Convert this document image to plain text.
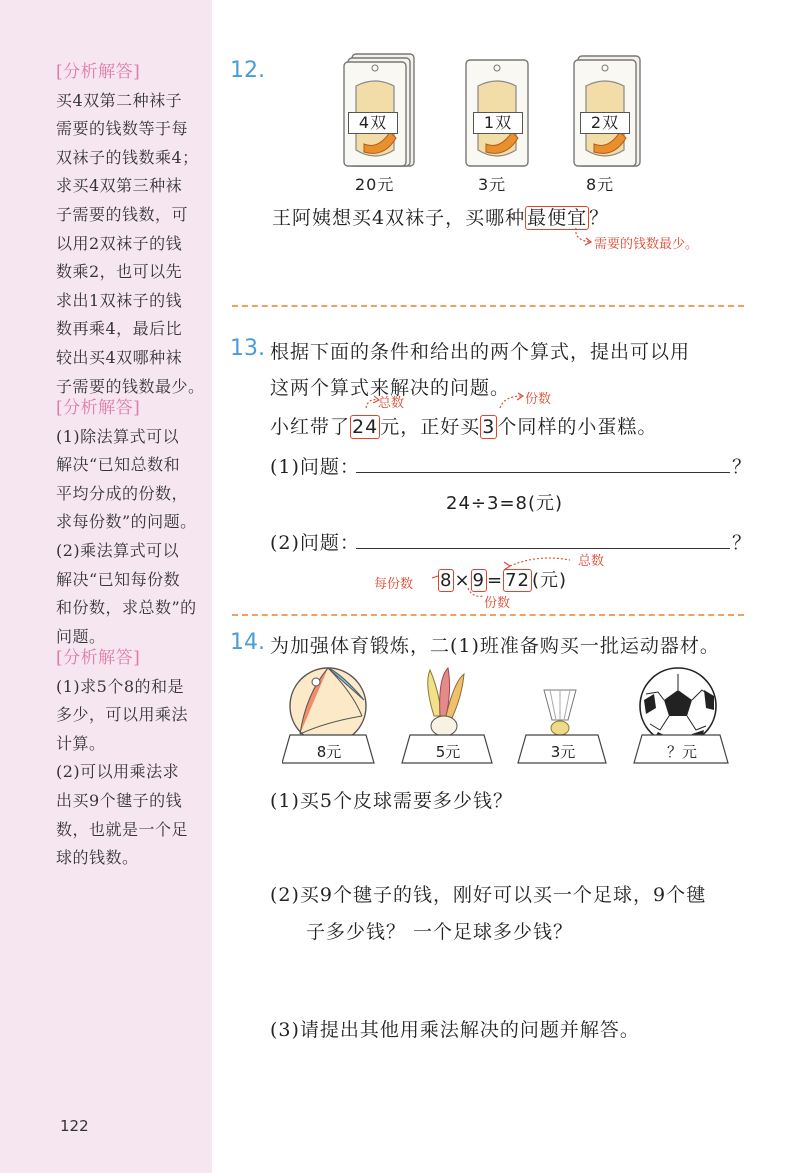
[分析解答]
买4双第二种袜子
需要的钱数等于每
双袜子的钱数乘4；
求买4双第三种袜
子需要的钱数，可
以用2双袜子的钱
数乘2，也可以先
求出1双袜子的钱
数再乘4，最后比
较出买4双哪种袜
子需要的钱数最少。
[分析解答]
(1)除法算式可以
解决“已知总数和
平均分成的份数，
求每份数”的问题。
(2)乘法算式可以
解决“已知每份数
和份数，求总数”的
问题。
[分析解答]
(1)求5个8的和是
多少，可以用乘法
计算。
(2)可以用乘法求
出买9个毽子的钱
数，也就是一个足
球的钱数。
122
12.
4双	1双	2双
20元	3元	8元
王阿姨想买4双袜子，买哪种 最便宜 ？
需要的钱数最少。
13. 根据下面的条件和给出的两个算式，提出可以用
这两个算式来解决的问题。
总数	份数
小红带了 24 元，正好买 3 个同样的小蛋糕。
(1)问题：	？
24÷3=8(元)
(2)问题：	？
总数
8 × 9 = 72 (元)
每份数
份数
14. 为加强体育锻炼，二(1)班准备购买一批运动器材。
8元	5元	3元	？元
(1)买5个皮球需要多少钱？
(2)买9个毽子的钱，刚好可以买一个足球，9个毽
子多少钱？ 一个足球多少钱？
(3)请提出其他用乘法解决的问题并解答。
